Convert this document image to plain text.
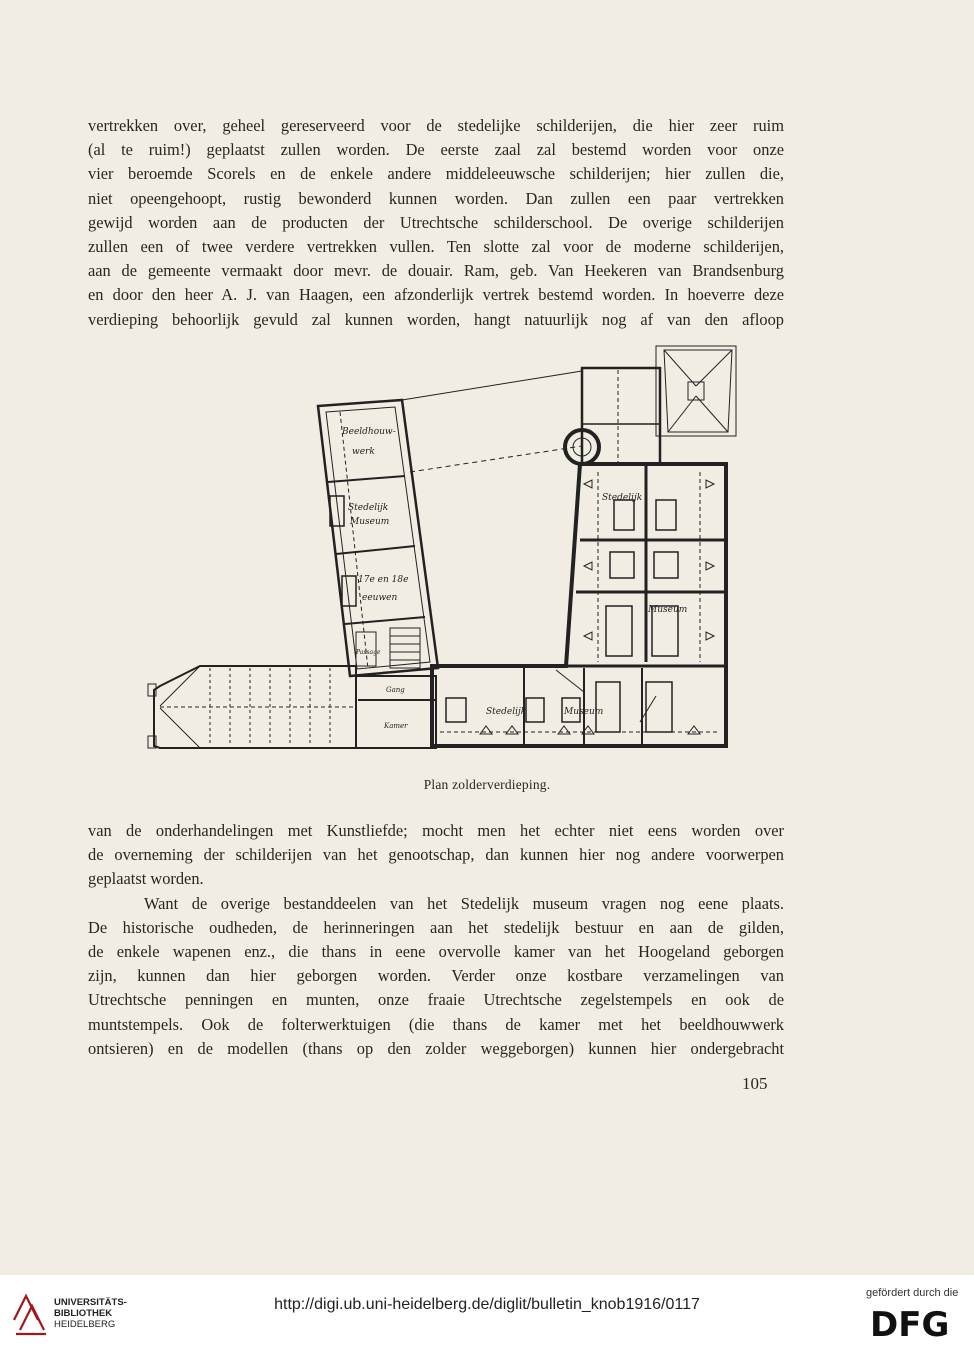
vertrekken over, geheel gereserveerd voor de stedelijke schilderijen, die hier zeer ruim
(al te ruim!) geplaatst zullen worden. De eerste zaal zal bestemd worden voor onze
vier beroemde Scorels en de enkele andere middeleeuwsche schilderijen; hier zullen die,
niet opeengehoopt, rustig bewonderd kunnen worden. Dan zullen een paar vertrekken
gewijd worden aan de producten der Utrechtsche schilderschool. De overige schilderijen
zullen een of twee verdere vertrekken vullen. Ten slotte zal voor de moderne schilderijen,
aan de gemeente vermaakt door mevr. de douair. Ram, geb. Van Heekeren van Brandsenburg
en door den heer A. J. van Haagen, een afzonderlijk vertrek bestemd worden. In hoeverre deze
verdieping behoorlijk gevuld zal kunnen worden, hangt natuurlijk nog af van den afloop
Beeldhouw-
werk
Stedelijk
Museum
17e en 18e
eeuwen
Passage
Gang
Kamer
Stedelijk
Museum
Stedelijk	Museum
Plan zolderverdieping.
van de onderhandelingen met Kunstliefde; mocht men het echter niet eens worden over
de overneming der schilderijen van het genootschap, dan kunnen hier nog andere voorwerpen
geplaatst worden.
Want de overige bestanddeelen van het Stedelijk museum vragen nog eene plaats.
De historische oudheden, de herinneringen aan het stedelijk bestuur en aan de gilden,
de enkele wapenen enz., die thans in eene overvolle kamer van het Hoogeland geborgen
zijn, kunnen dan hier geborgen worden. Verder onze kostbare verzamelingen van
Utrechtsche penningen en munten, onze fraaie Utrechtsche zegelstempels en ook de
muntstempels. Ook de folterwerktuigen (die thans de kamer met het beeldhouwwerk
ontsieren) en de modellen (thans op den zolder weggeborgen) kunnen hier ondergebracht
105
UNIVERSITÄTS-
BIBLIOTHEK
HEIDELBERG
http://digi.ub.uni-heidelberg.de/diglit/bulletin_knob1916/0117
gefördert durch die
DFG
